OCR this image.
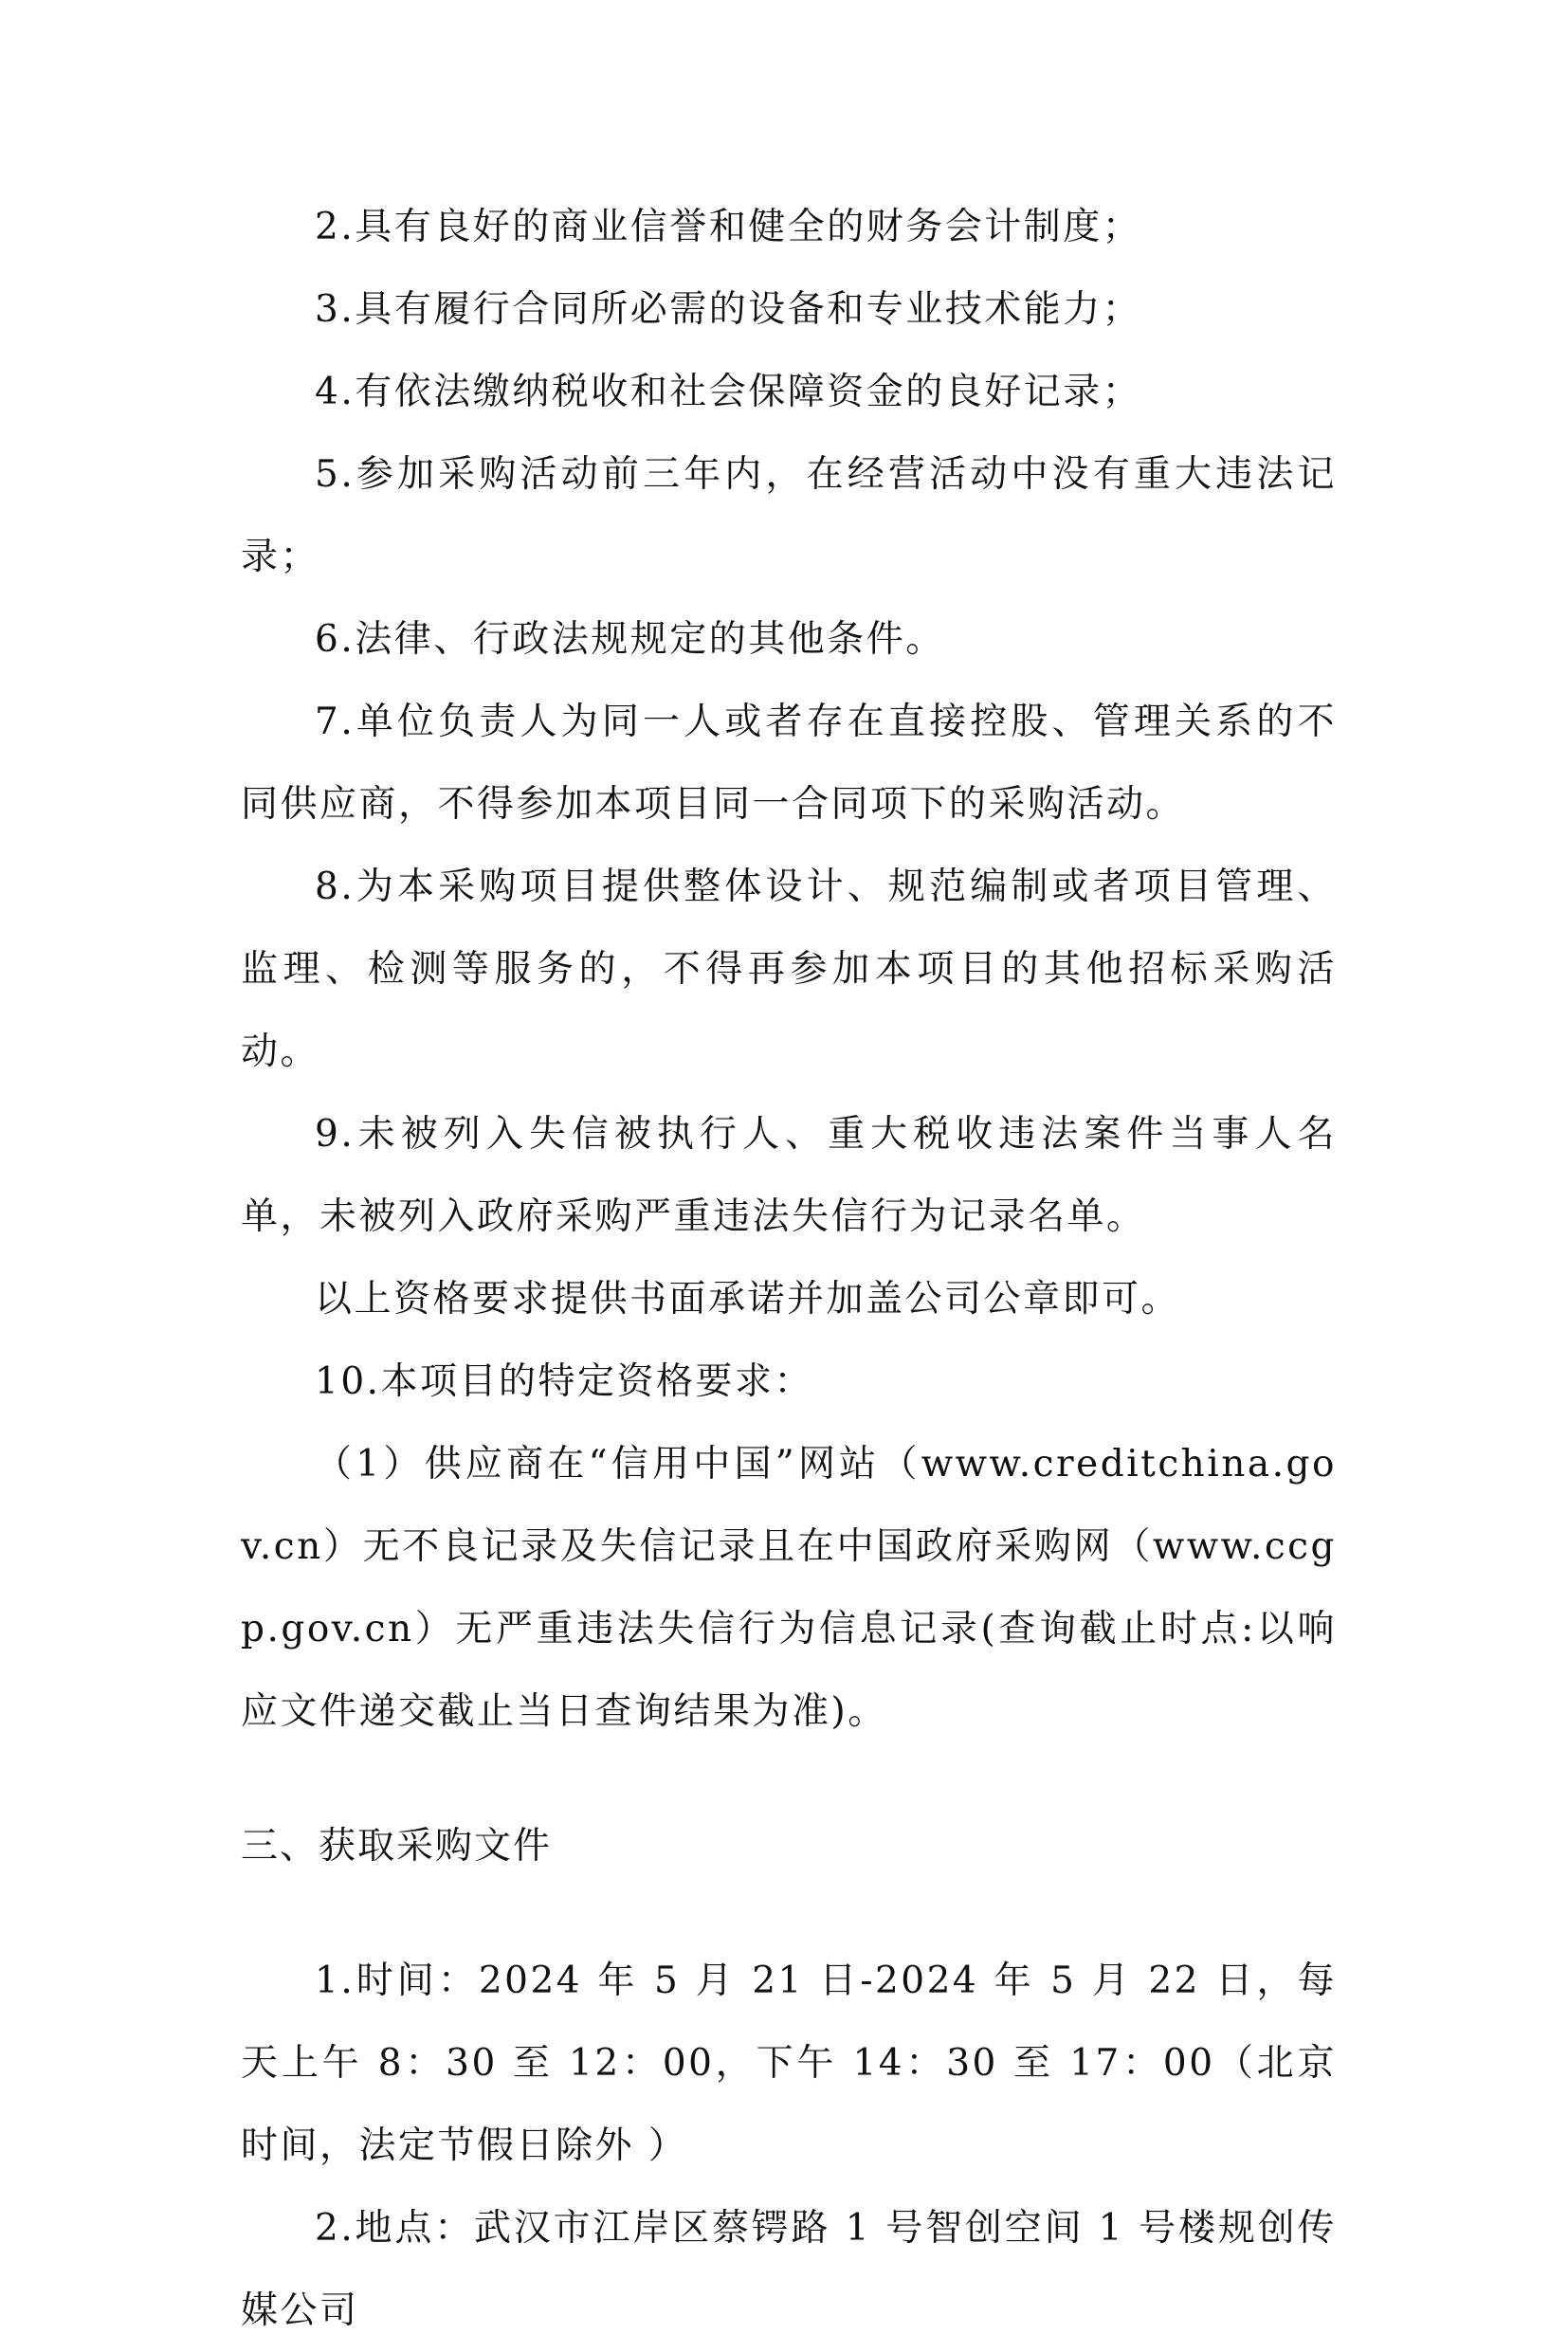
2.具有良好的商业信誉和健全的财务会计制度；

3.具有履行合同所必需的设备和专业技术能力；

4.有依法缴纳税收和社会保障资金的良好记录；

5.参加采购活动前三年内，在经营活动中没有重大违法记录；

6.法律、行政法规规定的其他条件。

7.单位负责人为同一人或者存在直接控股、管理关系的不同供应商，不得参加本项目同一合同项下的采购活动。

8.为本采购项目提供整体设计、规范编制或者项目管理、监理、检测等服务的，不得再参加本项目的其他招标采购活动。

9.未被列入失信被执行人、重大税收违法案件当事人名单，未被列入政府采购严重违法失信行为记录名单。

以上资格要求提供书面承诺并加盖公司公章即可。

10.本项目的特定资格要求：

（1）供应商在“信用中国”网站（www.creditchina.gov.cn）无不良记录及失信记录且在中国政府采购网（www.ccgp.gov.cn）无严重违法失信行为信息记录(查询截止时点:以响应文件递交截止当日查询结果为准)。

三、获取采购文件

1.时间：2024 年 5 月 21 日-2024 年 5 月 22 日，每天上午 8：30 至 12：00，下午 14：30 至 17：00（北京时间，法定节假日除外 ）

2.地点：武汉市江岸区蔡锷路 1 号智创空间 1 号楼规创传媒公司
